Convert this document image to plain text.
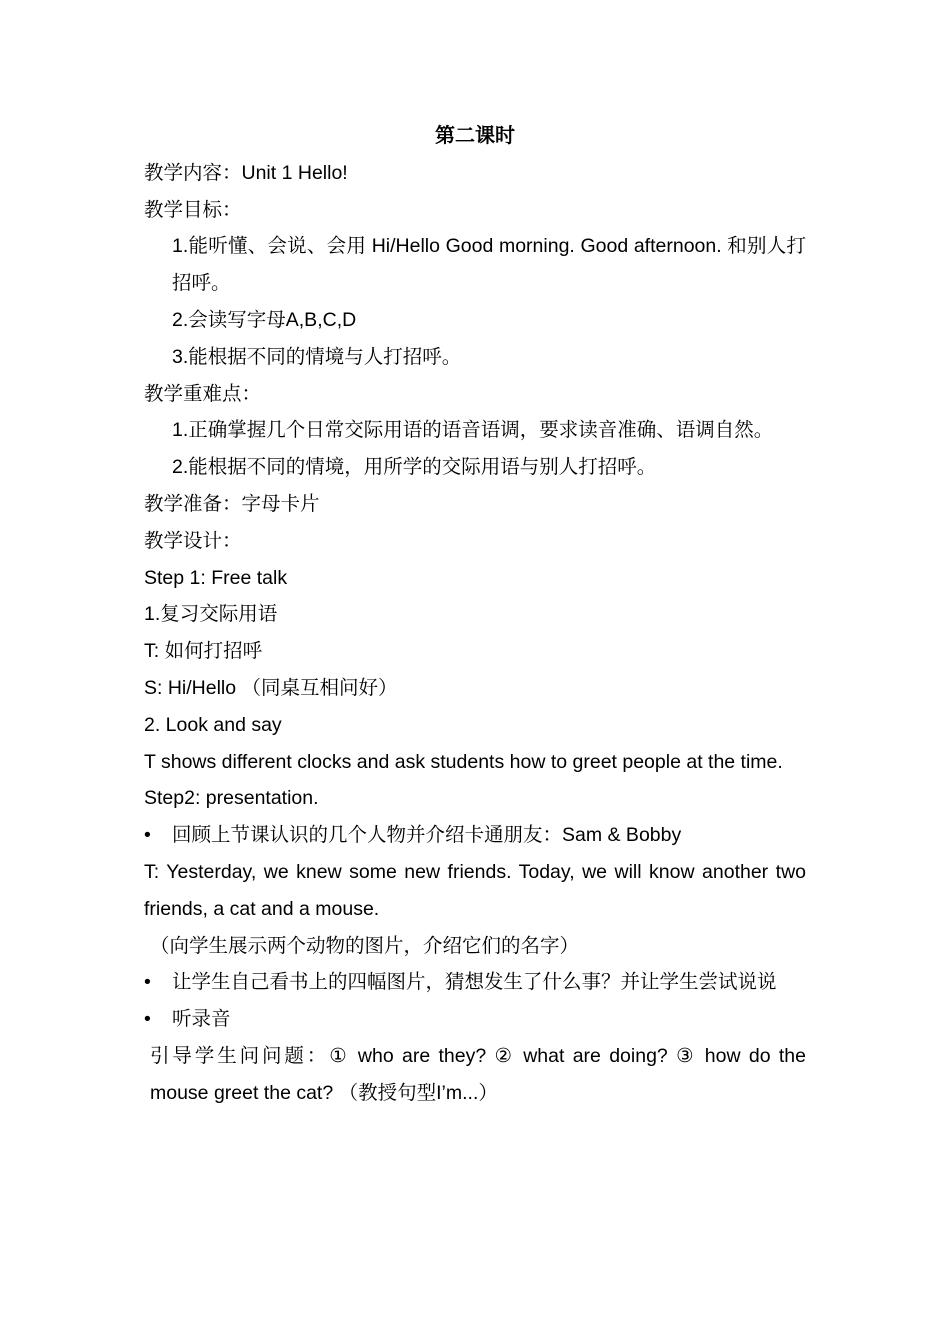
第二课时
教学内容：Unit 1 Hello!
教学目标：
1.能听懂、会说、会用 Hi/Hello Good morning. Good afternoon. 和别人打招呼。
2.会读写字母A,B,C,D
3.能根据不同的情境与人打招呼。
教学重难点：
1.正确掌握几个日常交际用语的语音语调，要求读音准确、语调自然。
2.能根据不同的情境，用所学的交际用语与别人打招呼。
教学准备：字母卡片
教学设计：
Step 1: Free talk
1.复习交际用语
T: 如何打招呼
S: Hi/Hello （同桌互相问好）
2. Look and say
T shows different clocks and ask students how to greet people at the time.
Step2: presentation.
•
回顾上节课认识的几个人物并介绍卡通朋友：Sam & Bobby
T: Yesterday, we knew some new friends. Today, we will know another two friends, a cat and a mouse.
（向学生展示两个动物的图片，介绍它们的名字）
•
让学生自己看书上的四幅图片，猜想发生了什么事？并让学生尝试说说
•
听录音
引导学生问问题：① who are they? ② what are doing? ③ how do the mouse greet the cat? （教授句型I’m...）
